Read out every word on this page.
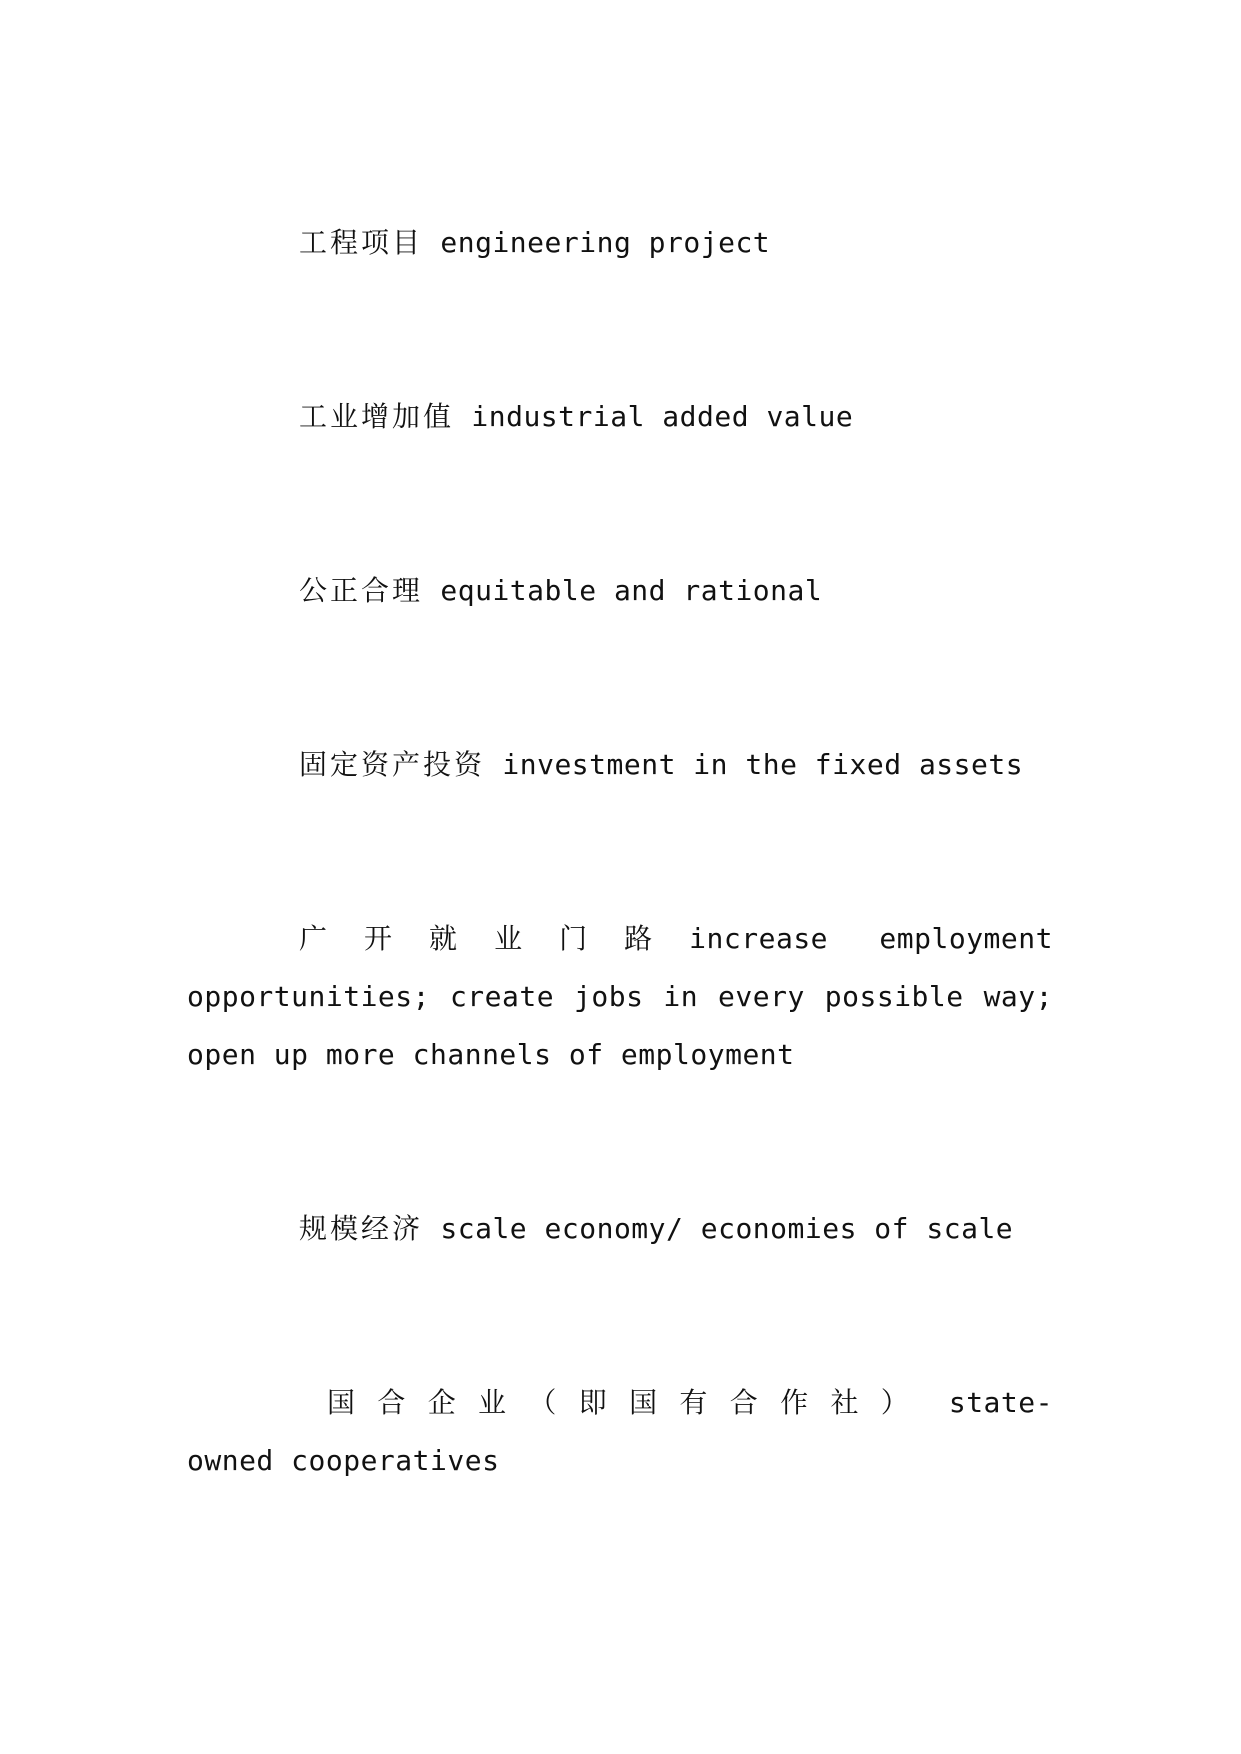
工程项目 engineering project

工业增加值 industrial added value

公正合理 equitable and rational

固定资产投资 investment in the fixed assets

广开就业门路increase employment opportunities; create jobs in every possible way; open up more channels of employment

规模经济 scale economy/ economies of scale

国合企业（即国有合作社） state-owned cooperatives
